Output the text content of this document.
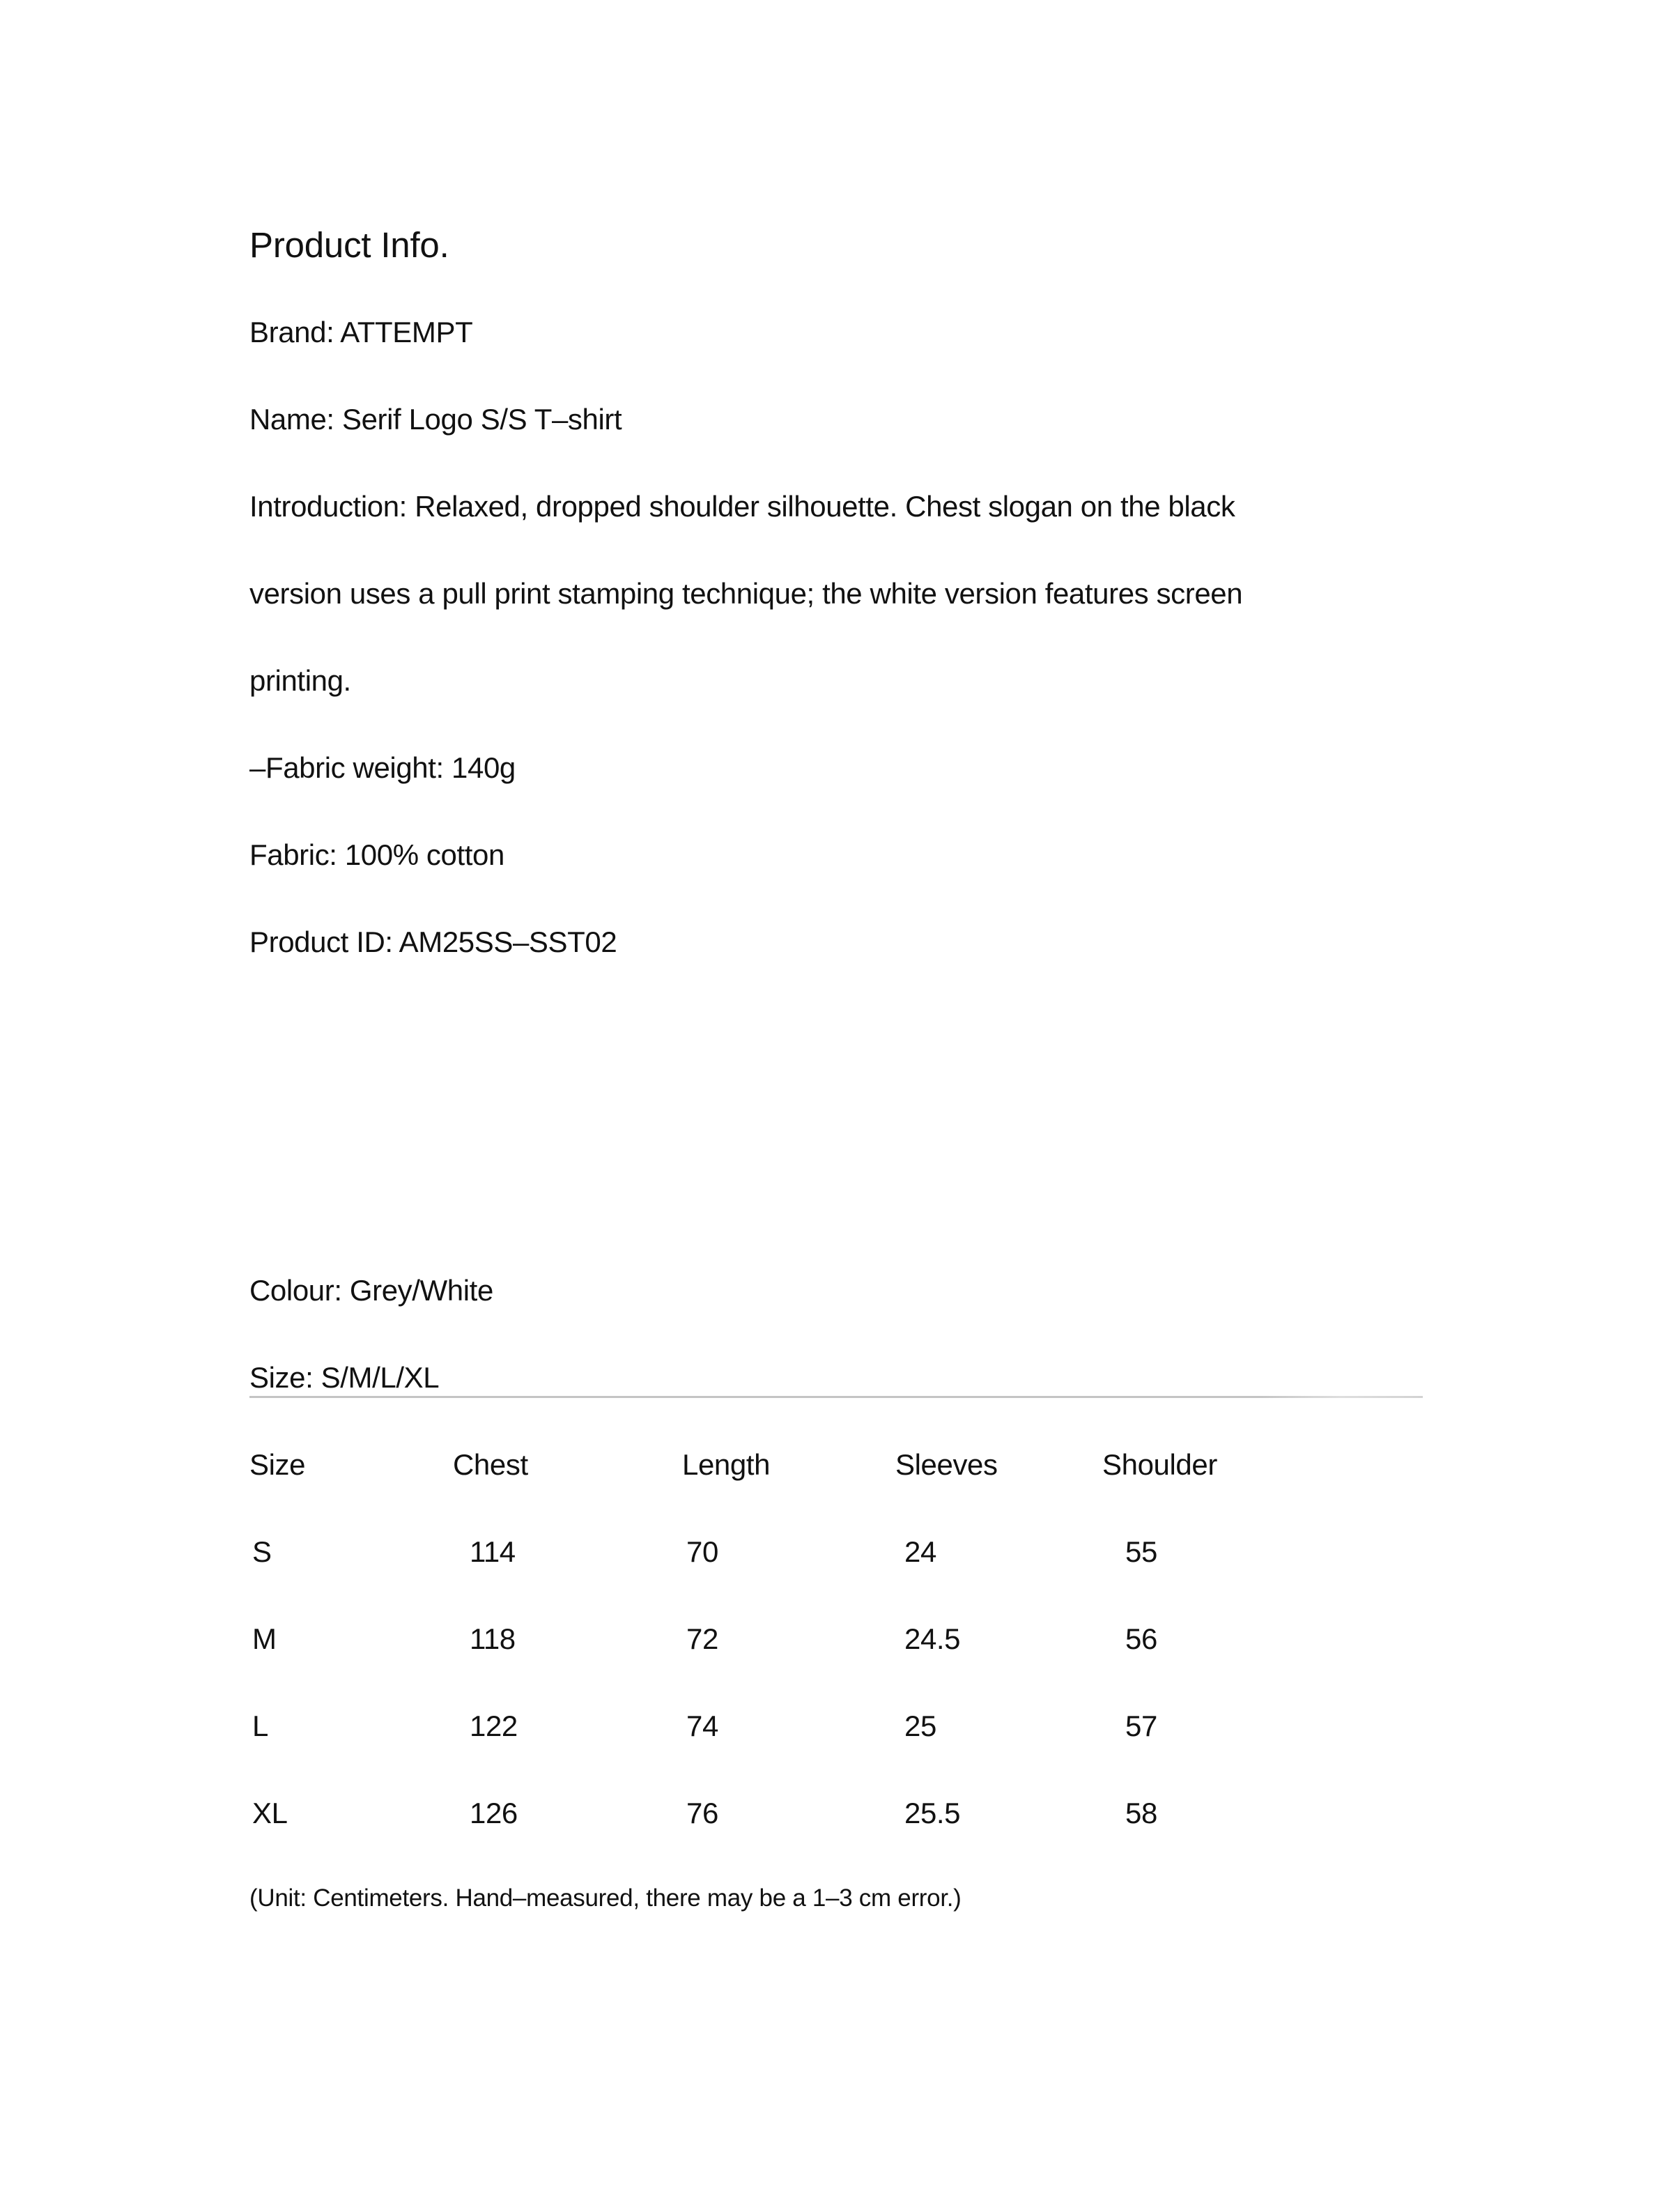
Product Info.
Brand: ATTEMPT
Name: Serif Logo S/S T–shirt
Introduction: Relaxed, dropped shoulder silhouette. Chest slogan on the black
version uses a pull print stamping technique; the white version features screen
printing.
–Fabric weight: 140g
Fabric: 100% cotton
Product ID: AM25SS–SST02
Colour: Grey/White
Size: S/M/L/XL
Size	Chest	Length	Sleeves	Shoulder
S	114	70	24	55
M	118	72	24.5	56
L	122	74	25	57
XL	126	76	25.5	58
(Unit: Centimeters. Hand–measured, there may be a 1–3 cm error.)
